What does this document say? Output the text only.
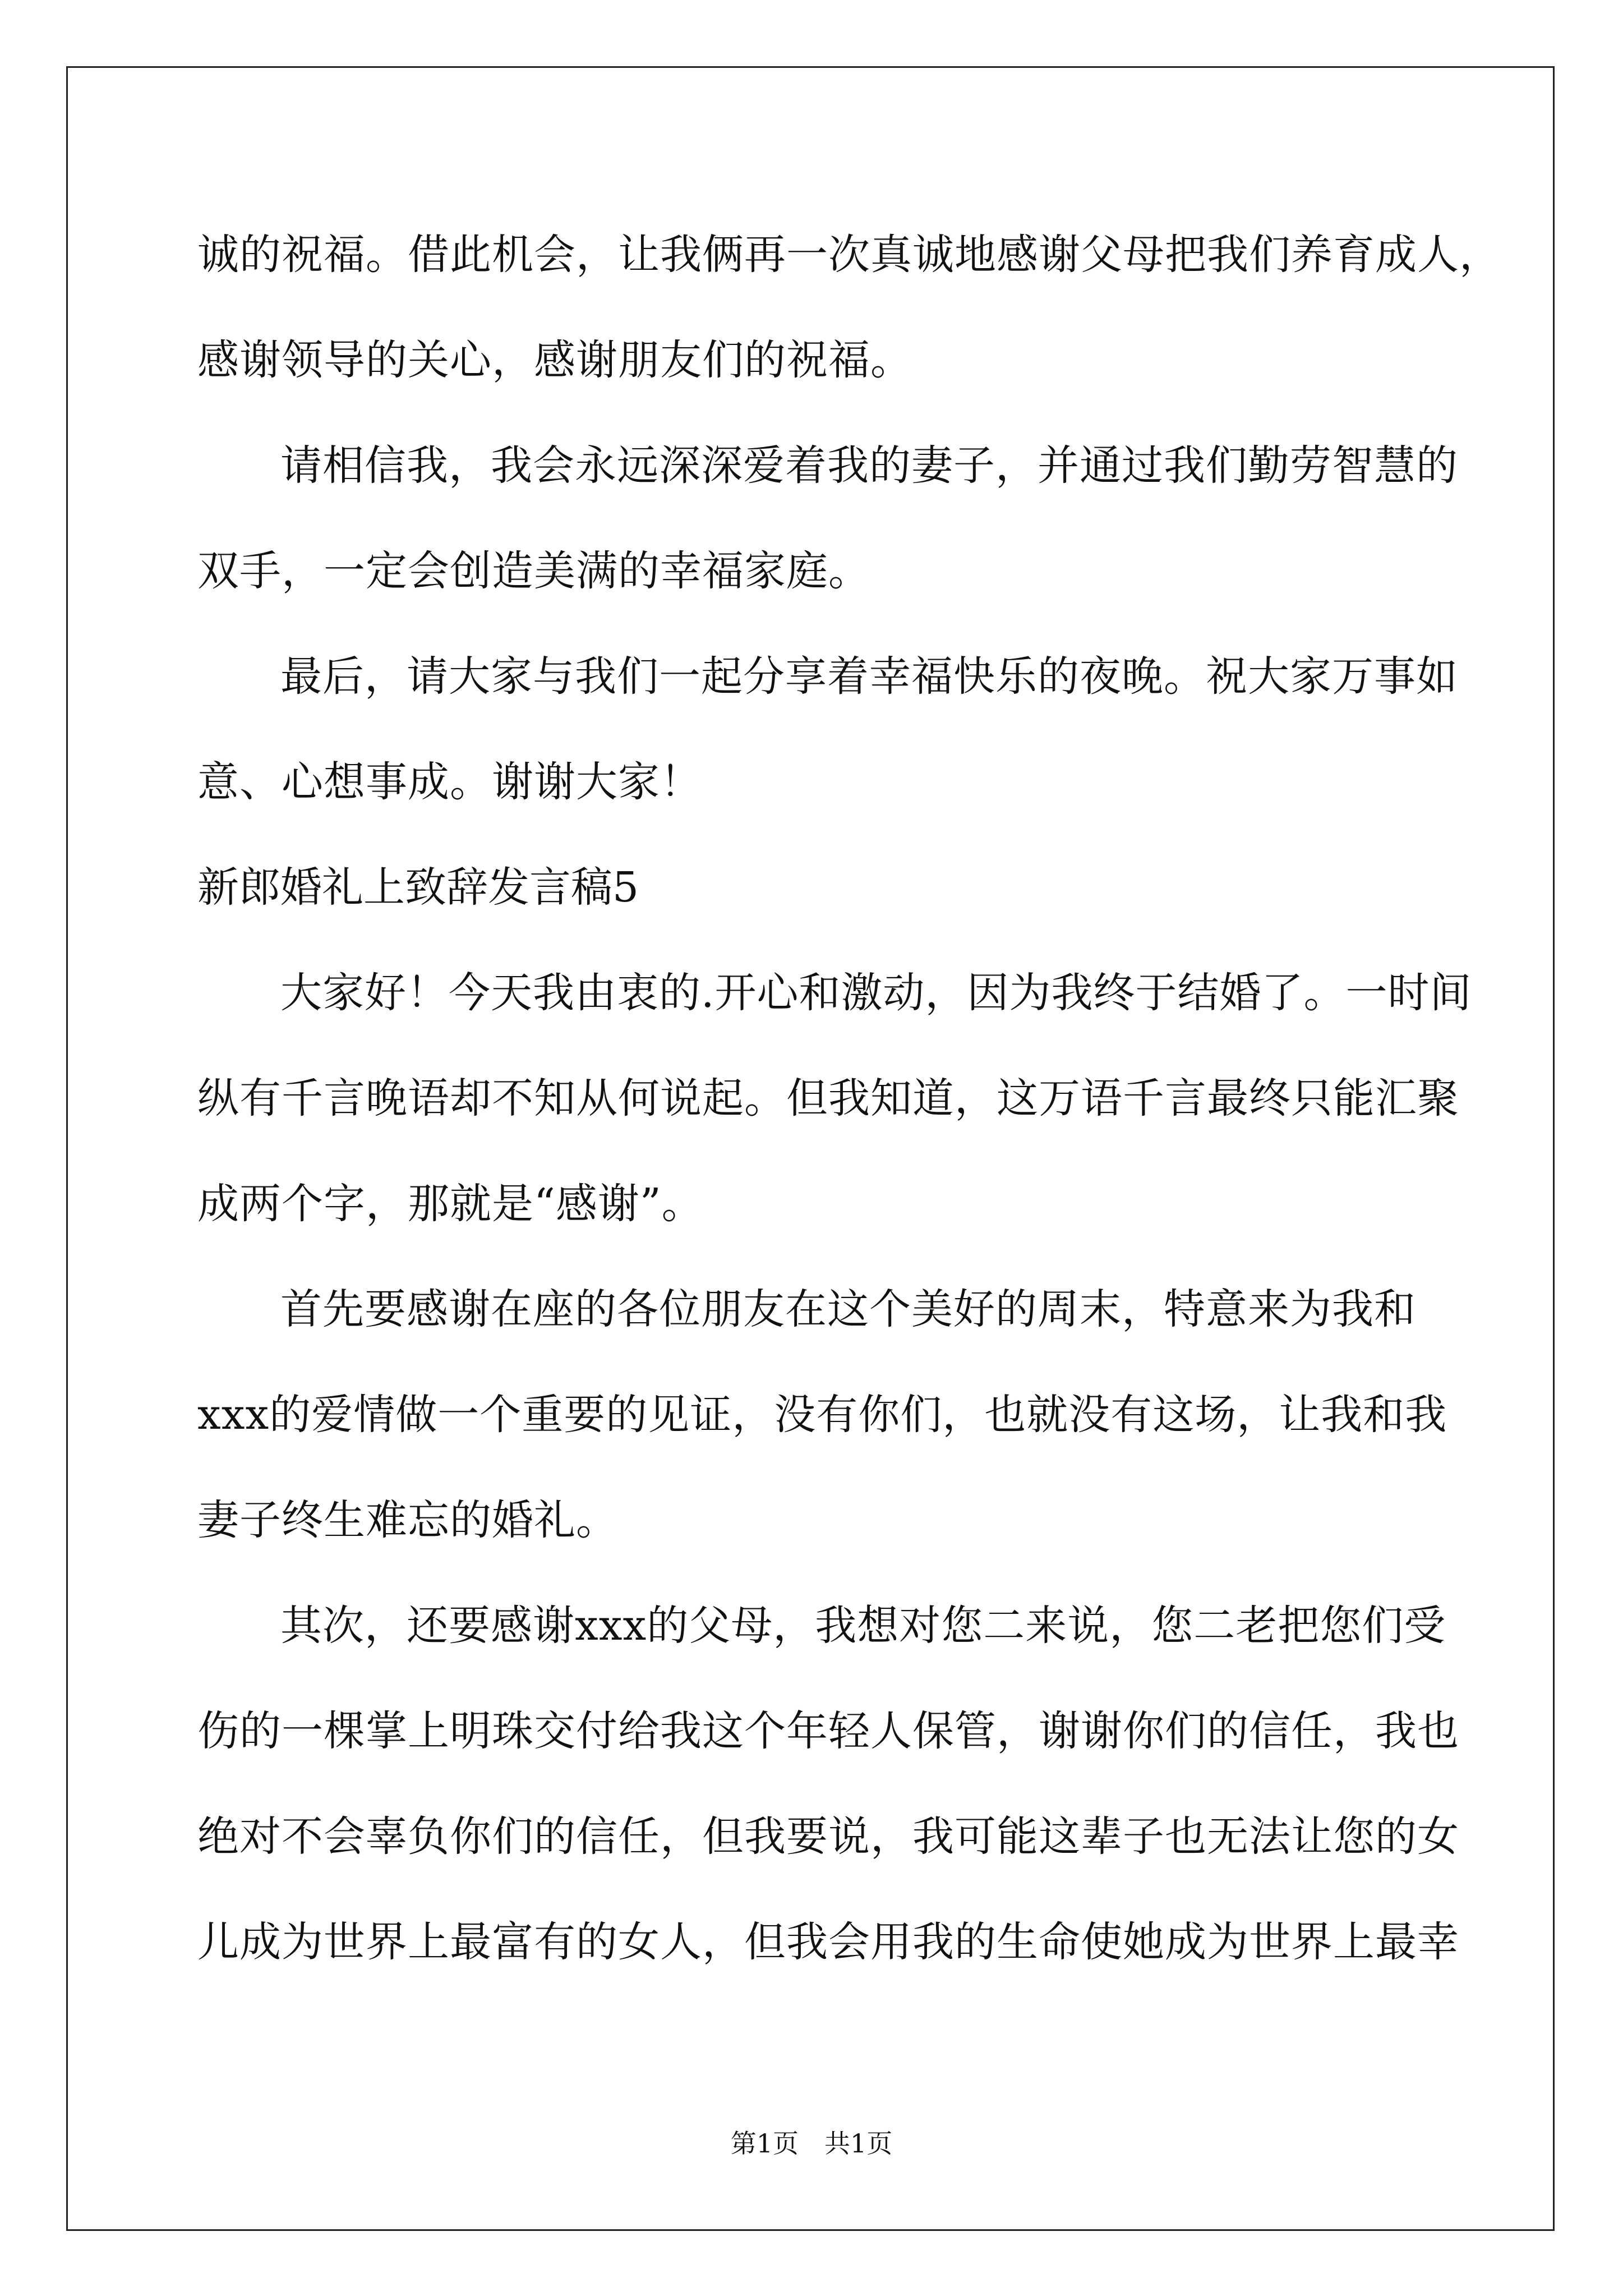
诚的祝福。借此机会，让我俩再一次真诚地感谢父母把我们养育成人，
感谢领导的关心，感谢朋友们的祝福。
请相信我，我会永远深深爱着我的妻子，并通过我们勤劳智慧的
双手，一定会创造美满的幸福家庭。
最后，请大家与我们一起分享着幸福快乐的夜晚。祝大家万事如
意、心想事成。谢谢大家！
新郎婚礼上致辞发言稿5
大家好！今天我由衷的.开心和激动，因为我终于结婚了。一时间
纵有千言晚语却不知从何说起。但我知道，这万语千言最终只能汇聚
成两个字，那就是“感谢”。
首先要感谢在座的各位朋友在这个美好的周末，特意来为我和
xxx的爱情做一个重要的见证，没有你们，也就没有这场，让我和我
妻子终生难忘的婚礼。
其次，还要感谢xxx的父母，我想对您二来说，您二老把您们受
伤的一棵掌上明珠交付给我这个年轻人保管，谢谢你们的信任，我也
绝对不会辜负你们的信任，但我要说，我可能这辈子也无法让您的女
儿成为世界上最富有的女人，但我会用我的生命使她成为世界上最幸
第1页　共1页
